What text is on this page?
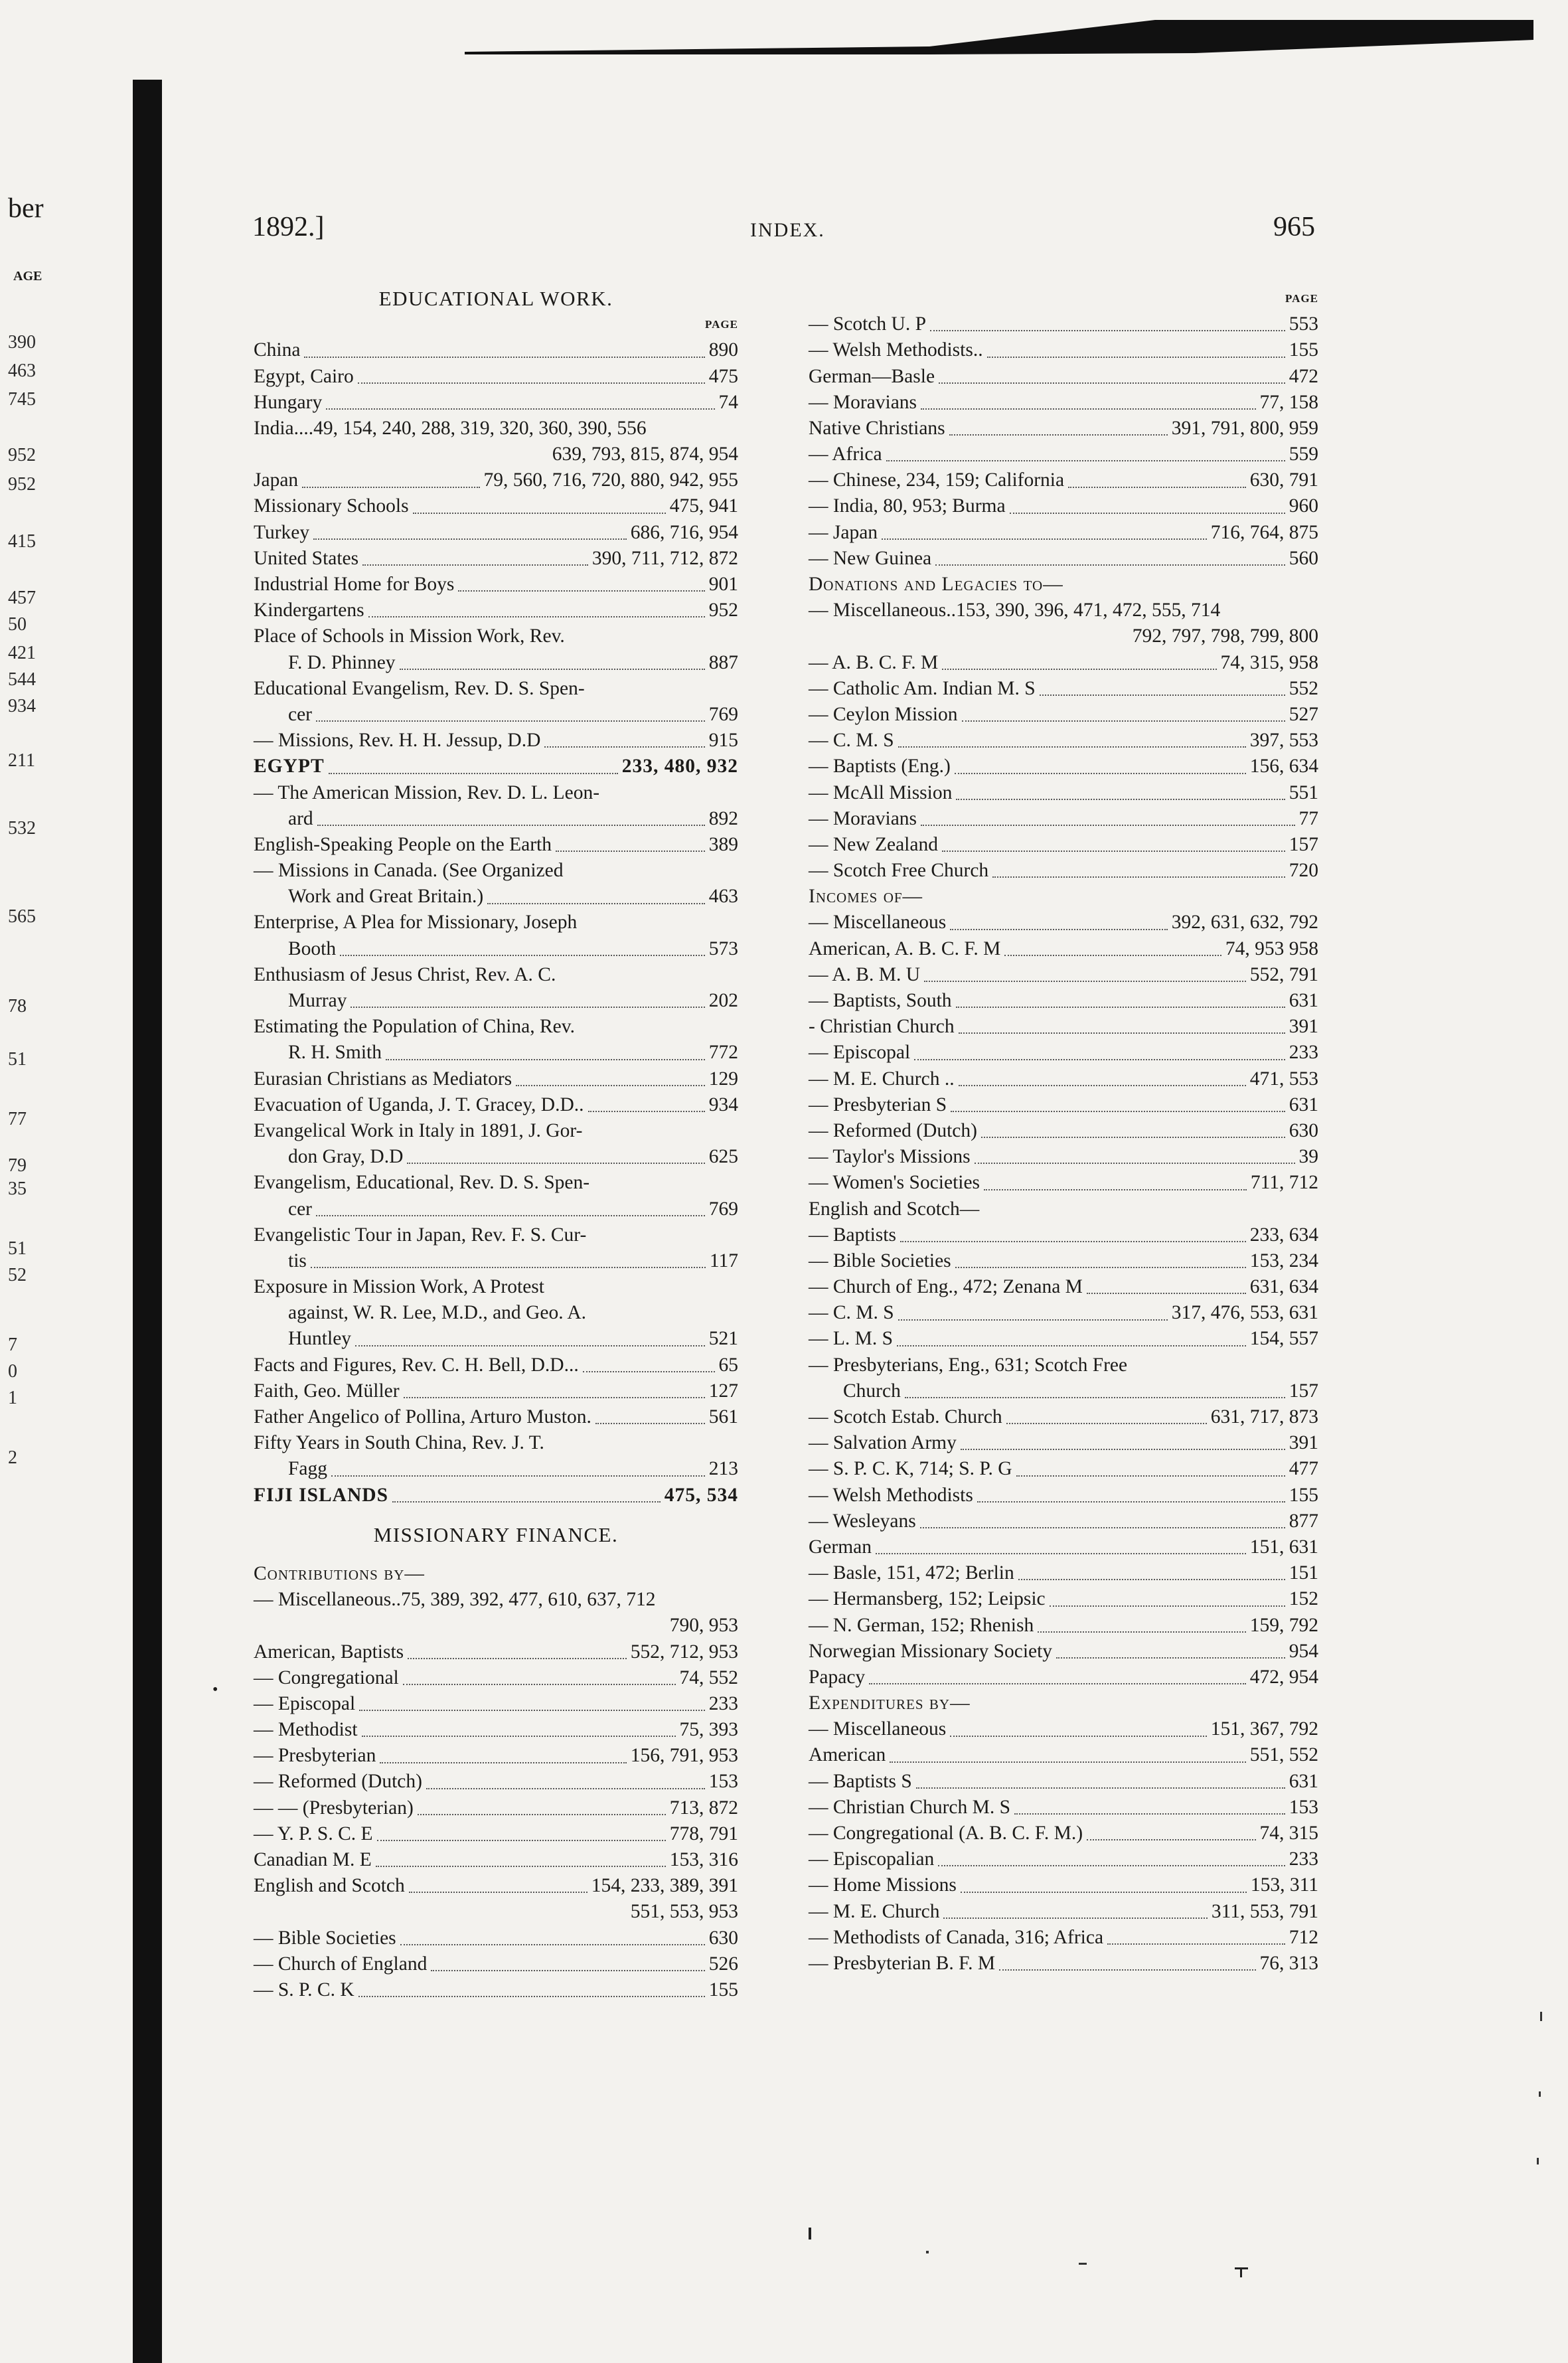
ber
AGE
390
463
745
952
952
415
457
50
421
544
934
211
532
565
78
51
77
79
35
51
52
7
0
1
2
1892.]	INDEX.	965
EDUCATIONAL WORK.
PAGE
China	890
Egypt, Cairo	475
Hungary	74
India....49, 154, 240, 288, 319, 320, 360, 390, 556
639, 793, 815, 874, 954
Japan	79, 560, 716, 720, 880, 942, 955
Missionary Schools	475, 941
Turkey	686, 716, 954
United States	390, 711, 712, 872
Industrial Home for Boys	901
Kindergartens	952
Place of Schools in Mission Work, Rev.
F. D. Phinney	887
Educational Evangelism, Rev. D. S. Spen-
cer	769
— Missions, Rev. H. H. Jessup, D.D	915
EGYPT	233, 480, 932
— The American Mission, Rev. D. L. Leon-
ard	892
English-Speaking People on the Earth	389
— Missions in Canada. (See Organized
Work and Great Britain.)	463
Enterprise, A Plea for Missionary, Joseph
Booth	573
Enthusiasm of Jesus Christ, Rev. A. C.
Murray	202
Estimating the Population of China, Rev.
R. H. Smith	772
Eurasian Christians as Mediators	129
Evacuation of Uganda, J. T. Gracey, D.D..	934
Evangelical Work in Italy in 1891, J. Gor-
don Gray, D.D	625
Evangelism, Educational, Rev. D. S. Spen-
cer	769
Evangelistic Tour in Japan, Rev. F. S. Cur-
tis	117
Exposure in Mission Work, A Protest
against, W. R. Lee, M.D., and Geo. A.
Huntley	521
Facts and Figures, Rev. C. H. Bell, D.D...	65
Faith, Geo. Müller	127
Father Angelico of Pollina, Arturo Muston.	561
Fifty Years in South China, Rev. J. T.
Fagg	213
FIJI ISLANDS	475, 534
MISSIONARY FINANCE.
Contributions by—
— Miscellaneous..75, 389, 392, 477, 610, 637, 712
790, 953
American, Baptists	552, 712, 953
— Congregational	74, 552
— Episcopal	233
— Methodist	75, 393
— Presbyterian	156, 791, 953
— Reformed (Dutch)	153
— — (Presbyterian)	713, 872
— Y. P. S. C. E	778, 791
Canadian M. E	153, 316
English and Scotch	154, 233, 389, 391
551, 553, 953
— Bible Societies	630
— Church of England	526
— S. P. C. K	155
PAGE
— Scotch U. P	553
— Welsh Methodists..	155
German—Basle	472
— Moravians	77, 158
Native Christians	391, 791, 800, 959
— Africa	559
— Chinese, 234, 159; California	630, 791
— India, 80, 953; Burma	960
— Japan	716, 764, 875
— New Guinea	560
Donations and Legacies to—
— Miscellaneous..153, 390, 396, 471, 472, 555, 714
792, 797, 798, 799, 800
— A. B. C. F. M	74, 315, 958
— Catholic Am. Indian M. S	552
— Ceylon Mission	527
— C. M. S	397, 553
— Baptists (Eng.)	156, 634
— McAll Mission	551
— Moravians	77
— New Zealand	157
— Scotch Free Church	720
Incomes of—
— Miscellaneous	392, 631, 632, 792
American, A. B. C. F. M	74, 953 958
— A. B. M. U	552, 791
— Baptists, South	631
- Christian Church	391
— Episcopal	233
— M. E. Church ..	471, 553
— Presbyterian S	631
— Reformed (Dutch)	630
— Taylor's Missions	39
— Women's Societies	711, 712
English and Scotch—
— Baptists	233, 634
— Bible Societies	153, 234
— Church of Eng., 472; Zenana M	631, 634
— C. M. S	317, 476, 553, 631
— L. M. S	154, 557
— Presbyterians, Eng., 631; Scotch Free
Church	157
— Scotch Estab. Church	631, 717, 873
— Salvation Army	391
— S. P. C. K, 714; S. P. G	477
— Welsh Methodists	155
— Wesleyans	877
German	151, 631
— Basle, 151, 472; Berlin	151
— Hermansberg, 152; Leipsic	152
— N. German, 152; Rhenish	159, 792
Norwegian Missionary Society	954
Papacy	472, 954
Expenditures by—
— Miscellaneous	151, 367, 792
American	551, 552
— Baptists S	631
— Christian Church M. S	153
— Congregational (A. B. C. F. M.)	74, 315
— Episcopalian	233
— Home Missions	153, 311
— M. E. Church	311, 553, 791
— Methodists of Canada, 316; Africa	712
— Presbyterian B. F. M	76, 313
•
